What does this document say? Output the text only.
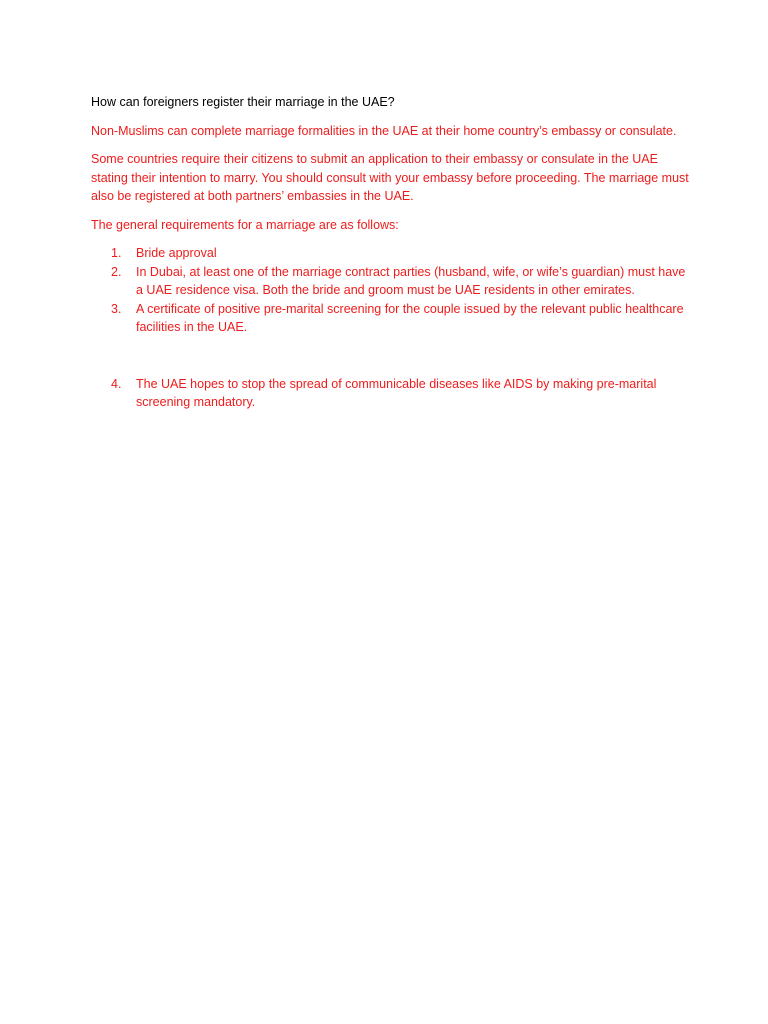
How can foreigners register their marriage in the UAE?

Non-Muslims can complete marriage formalities in the UAE at their home country’s embassy or consulate.

Some countries require their citizens to submit an application to their embassy or consulate in the UAE stating their intention to marry. You should consult with your embassy before proceeding. The marriage must also be registered at both partners’ embassies in the UAE.

The general requirements for a marriage are as follows:

1. Bride approval
2. In Dubai, at least one of the marriage contract parties (husband, wife, or wife’s guardian) must have a UAE residence visa. Both the bride and groom must be UAE residents in other emirates.
3. A certificate of positive pre-marital screening for the couple issued by the relevant public healthcare facilities in the UAE.
4. The UAE hopes to stop the spread of communicable diseases like AIDS by making pre-marital screening mandatory.
